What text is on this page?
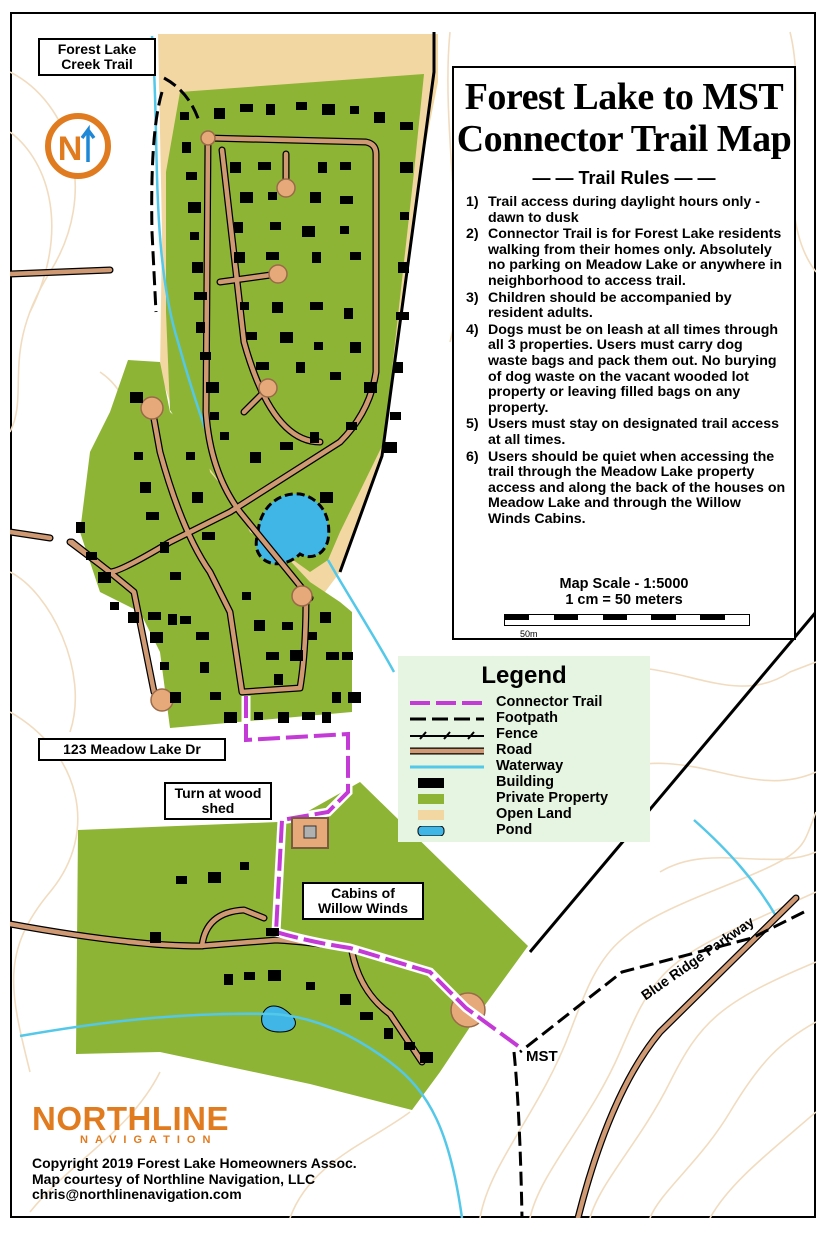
N
Forest Lake to MST
Connector Trail Map
— — Trail Rules — —
1) Trail access during daylight hours only - dawn to dusk
2) Connector Trail is for Forest Lake residents walking from their homes only. Absolutely no parking on Meadow Lake or anywhere in neighborhood to access trail.
3) Children should be accompanied by resident adults.
4) Dogs must be on leash at all times through all 3 properties. Users must carry dog waste bags and pack them out. No burying of dog waste on the vacant wooded lot property or leaving filled bags on any property.
5) Users must stay on designated trail access at all times.
6) Users should be quiet when accessing the trail through the Meadow Lake property access and along the back of the houses on Meadow Lake and through the Willow Winds Cabins.
Map Scale - 1:5000
1 cm = 50 meters
50m
Legend
Connector Trail
Footpath
Fence
Road
Waterway
Building
Private Property
Open Land
Pond
Forest Lake Creek Trail
123 Meadow Lake Dr
Turn at wood shed
Cabins of Willow Winds
MST
Blue Ridge Parkway
NORTHLINE
NAVIGATION
Copyright 2019 Forest Lake Homeowners Assoc.
Map courtesy of Northline Navigation, LLC
chris@northlinenavigation.com
